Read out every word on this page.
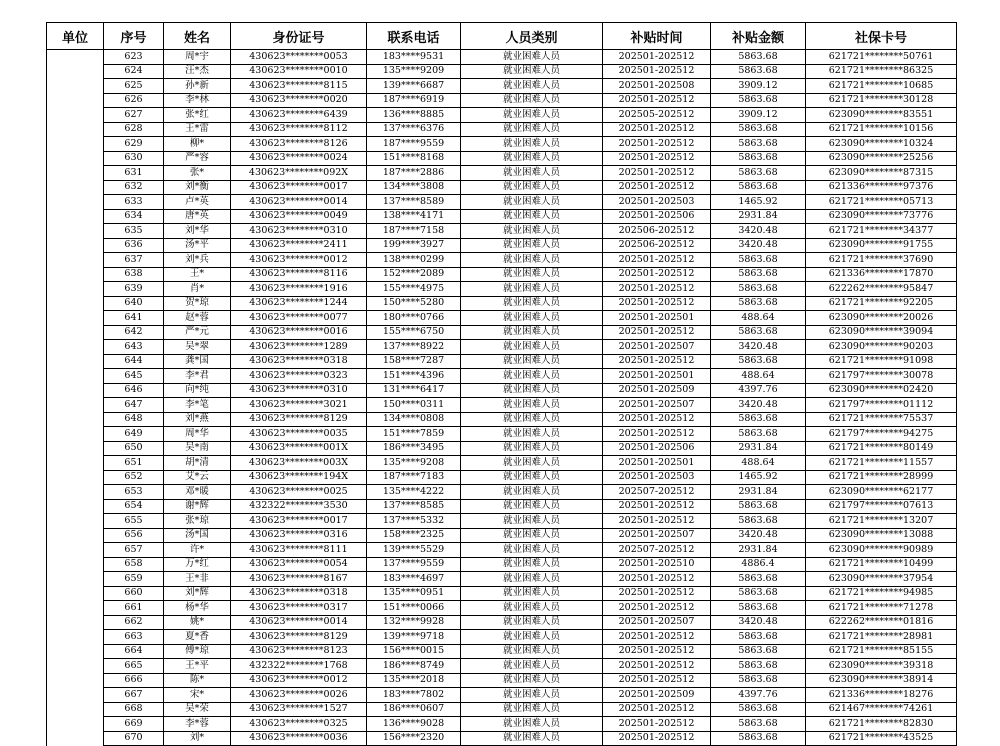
单位	序号	姓名	身份证号	联系电话	人员类别	补贴时间	补贴金额	社保卡号
	623	周*宇	430623********0053	183****9531	就业困难人员	202501-202512	5863.68	621721********50761
	624	汪*杰	430623********0010	135****9209	就业困难人员	202501-202512	5863.68	621721********86325
	625	孙*新	430623********8115	139****6687	就业困难人员	202501-202508	3909.12	621721********10685
	626	李*林	430623********0020	187****6919	就业困难人员	202501-202512	5863.68	621721********30128
	627	张*红	430623********6439	136****8885	就业困难人员	202505-202512	3909.12	623090********83551
	628	王*雷	430623********8112	137****6376	就业困难人员	202501-202512	5863.68	621721********10156
	629	柳*	430623********8126	187****9559	就业困难人员	202501-202512	5863.68	623090********10324
	630	严*容	430623********0024	151****8168	就业困难人员	202501-202512	5863.68	623090********25256
	631	张*	430623********092X	187****2886	就业困难人员	202501-202512	5863.68	623090********87315
	632	刘*衡	430623********0017	134****3808	就业困难人员	202501-202512	5863.68	621336********97376
	633	卢*英	430623********0014	137****8589	就业困难人员	202501-202503	1465.92	621721********05713
	634	唐*英	430623********0049	138****4171	就业困难人员	202501-202506	2931.84	623090********73776
	635	刘*华	430623********0310	187****7158	就业困难人员	202506-202512	3420.48	621721********34377
	636	汤*平	430623********2411	199****3927	就业困难人员	202506-202512	3420.48	623090********91755
	637	刘*兵	430623********0012	138****0299	就业困难人员	202501-202512	5863.68	621721********37690
	638	王*	430623********8116	152****2089	就业困难人员	202501-202512	5863.68	621336********17870
	639	肖*	430623********1916	155****4975	就业困难人员	202501-202512	5863.68	622262********95847
	640	贺*琼	430623********1244	150****5280	就业困难人员	202501-202512	5863.68	621721********92205
	641	赵*蓉	430623********0077	180****0766	就业困难人员	202501-202501	488.64	623090********20026
	642	严*元	430623********0016	155****6750	就业困难人员	202501-202512	5863.68	623090********39094
	643	吴*翠	430623********1289	137****8922	就业困难人员	202501-202507	3420.48	623090********90203
	644	龚*国	430623********0318	158****7287	就业困难人员	202501-202512	5863.68	621721********91098
	645	李*君	430623********0323	151****4396	就业困难人员	202501-202501	488.64	621797********30078
	646	向*纯	430623********0310	131****6417	就业困难人员	202501-202509	4397.76	623090********02420
	647	李*笔	430623********3021	150****0311	就业困难人员	202501-202507	3420.48	621797********01112
	648	刘*燕	430623********8129	134****0808	就业困难人员	202501-202512	5863.68	621721********75537
	649	周*华	430623********0035	151****7859	就业困难人员	202501-202512	5863.68	621797********94275
	650	吴*南	430623********001X	186****3495	就业困难人员	202501-202506	2931.84	621721********80149
	651	胡*清	430623********003X	135****9208	就业困难人员	202501-202501	488.64	621721********11557
	652	艾*云	430623********194X	187****7183	就业困难人员	202501-202503	1465.92	621721********28999
	653	邓*暖	430623********0025	135****4222	就业困难人员	202507-202512	2931.84	623090********62177
	654	谢*辉	432322********3530	137****8585	就业困难人员	202501-202512	5863.68	621797********07613
	655	张*琼	430623********0017	137****5332	就业困难人员	202501-202512	5863.68	621721********13207
	656	汤*国	430623********0316	158****2325	就业困难人员	202501-202507	3420.48	623090********13088
	657	许*	430623********8111	139****5529	就业困难人员	202507-202512	2931.84	623090********90989
	658	万*红	430623********0054	137****9559	就业困难人员	202501-202510	4886.4	621721********10499
	659	王*非	430623********8167	183****4697	就业困难人员	202501-202512	5863.68	623090********37954
	660	刘*辉	430623********0318	135****0951	就业困难人员	202501-202512	5863.68	621721********94985
	661	杨*华	430623********0317	151****0066	就业困难人员	202501-202512	5863.68	621721********71278
	662	姚*	430623********0014	132****9928	就业困难人员	202501-202507	3420.48	622262********01816
	663	夏*香	430623********8129	139****9718	就业困难人员	202501-202512	5863.68	621721********28981
	664	傅*琼	430623********8123	156****0015	就业困难人员	202501-202512	5863.68	621721********85155
	665	王*平	432322********1768	186****8749	就业困难人员	202501-202512	5863.68	623090********39318
	666	陈*	430623********0012	135****2018	就业困难人员	202501-202512	5863.68	623090********38914
	667	宋*	430623********0026	183****7802	就业困难人员	202501-202509	4397.76	621336********18276
	668	吴*荣	430623********1527	186****0607	就业困难人员	202501-202512	5863.68	621467********74261
	669	李*蓉	430623********0325	136****9028	就业困难人员	202501-202512	5863.68	621721********82830
	670	刘*	430623********0036	156****2320	就业困难人员	202501-202512	5863.68	621721********43525
